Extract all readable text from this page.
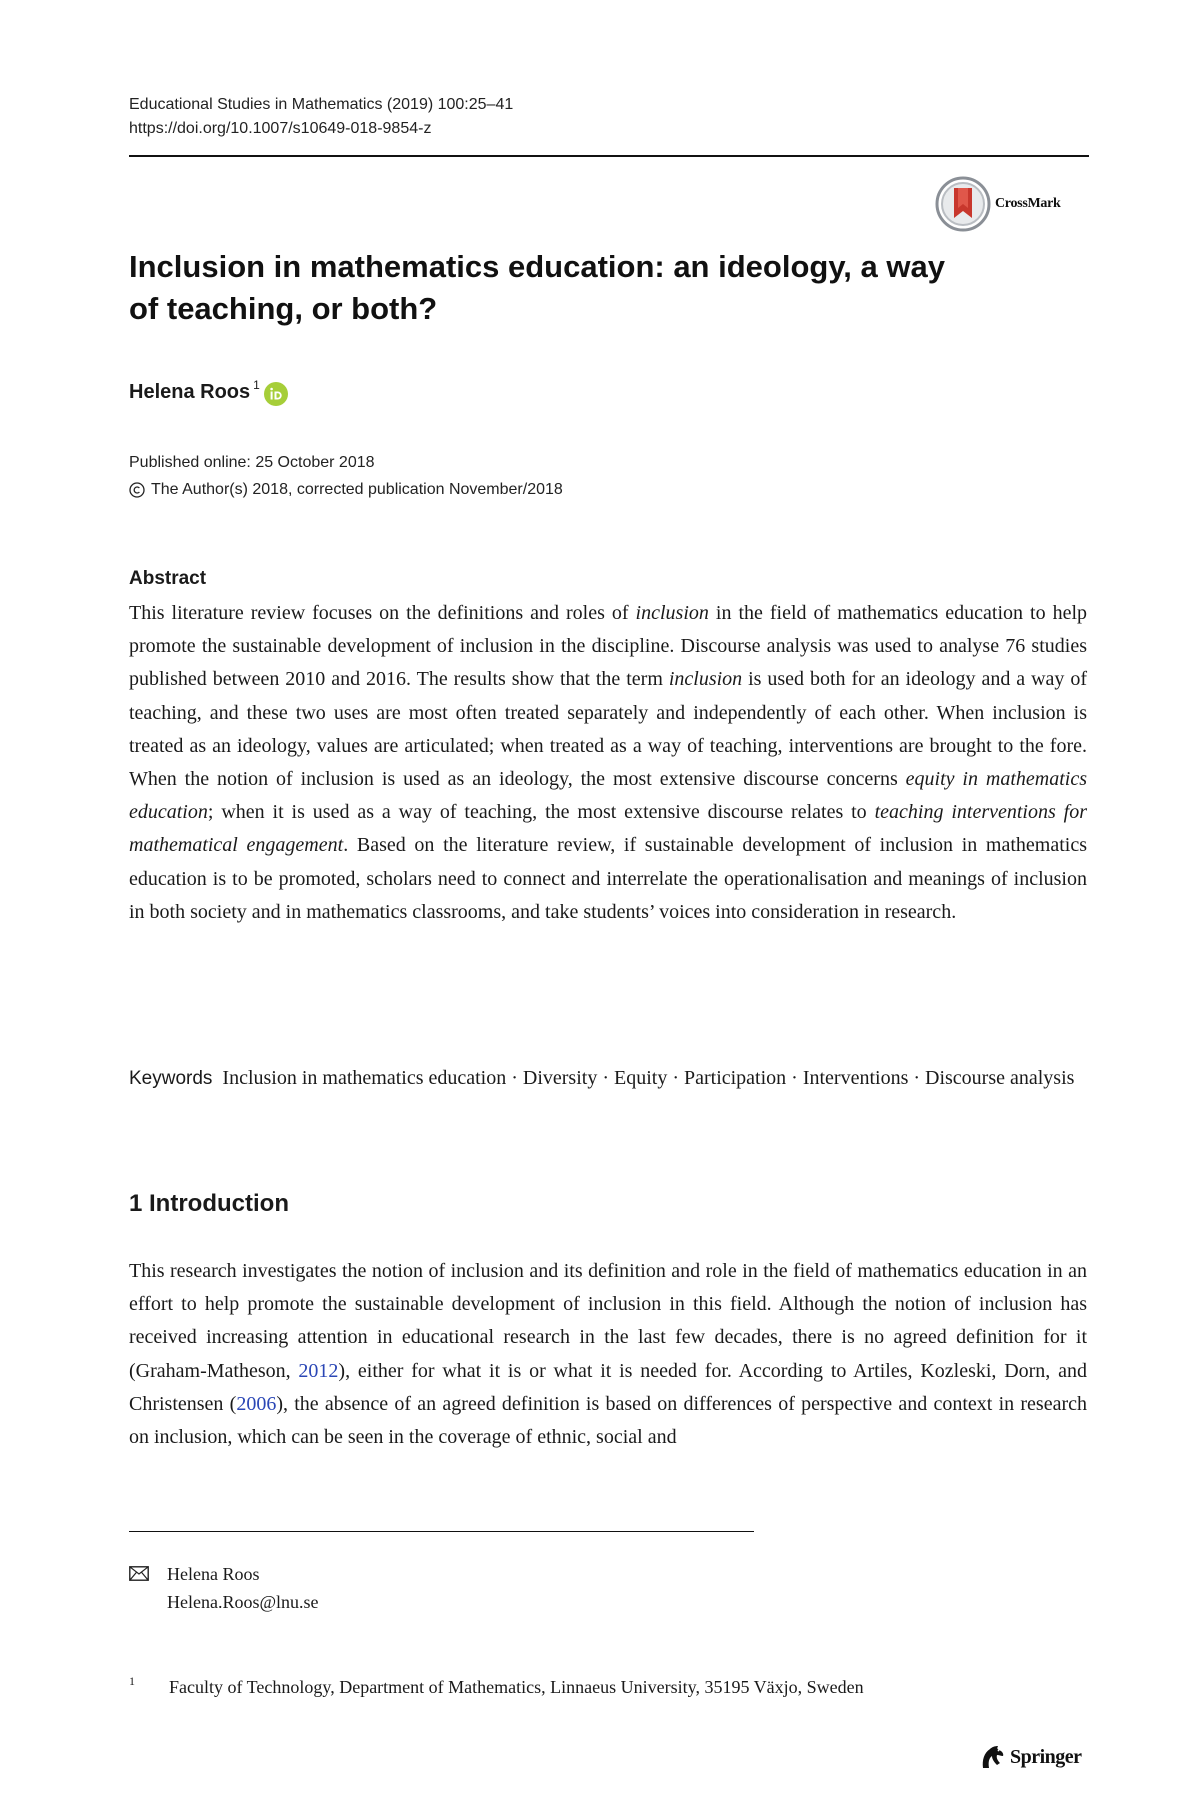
Educational Studies in Mathematics (2019) 100:25–41
https://doi.org/10.1007/s10649-018-9854-z
CrossMark
Inclusion in mathematics education: an ideology, a way of teaching, or both?
Helena Roos $^1$
Published online: 25 October 2018
The Author(s) 2018, corrected publication November/2018
Abstract

This literature review focuses on the definitions and roles of inclusion in the field of mathematics education to help promote the sustainable development of inclusion in the discipline. Discourse analysis was used to analyse 76 studies published between 2010 and 2016. The results show that the term inclusion is used both for an ideology and a way of teaching, and these two uses are most often treated separately and independently of each other. When inclusion is treated as an ideology, values are articulated; when treated as a way of teaching, interventions are brought to the fore. When the notion of inclusion is used as an ideology, the most extensive discourse concerns equity in mathematics education; when it is used as a way of teaching, the most extensive discourse relates to teaching interventions for mathematical engagement. Based on the literature review, if sustainable development of inclusion in mathematics education is to be promoted, scholars need to connect and interrelate the operationalisation and meanings of inclusion in both society and in mathematics classrooms, and take students’ voices into consideration in research.

Keywords Inclusion in mathematics education · Diversity · Equity · Participation · Interventions · Discourse analysis

1 Introduction

This research investigates the notion of inclusion and its definition and role in the field of mathematics education in an effort to help promote the sustainable development of inclusion in this field. Although the notion of inclusion has received increasing attention in educational research in the last few decades, there is no agreed definition for it (Graham-Matheson, 2012), either for what it is or what it is needed for. According to Artiles, Kozleski, Dorn, and Christensen (2006), the absence of an agreed definition is based on differences of perspective and context in research on inclusion, which can be seen in the coverage of ethnic, social and

Helena Roos
Helena.Roos@lnu.se
1	Faculty of Technology, Department of Mathematics, Linnaeus University, 35195 Växjo, Sweden
Springer
